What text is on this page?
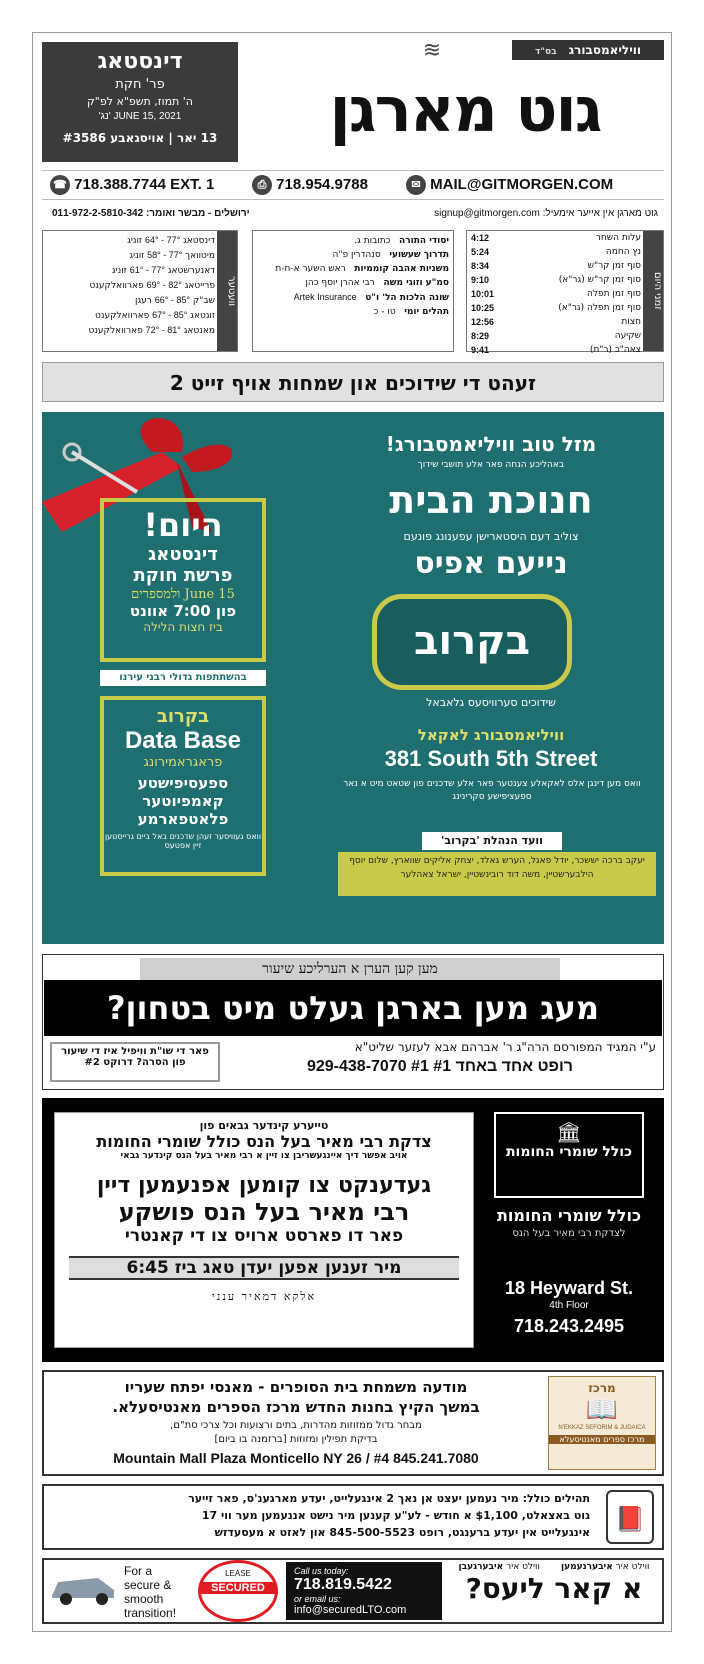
דינסטאג
פר' חקת
ה' תמוז, תשפ"א לפ"ק
JUNE 15, 2021 'נג'
13 יאר | אויסגאבע #3586
וויליאמסבורג בס"ד
גוט מארגן
≋
☎ 718.388.7744 EXT. 1	⎙ 718.954.9788	✉ MAIL@GITMORGEN.COM
011-972-2-5810-342 :ירושלים - מבשר ואומר	signup@gitmorgen.com :גוט מארגן אין אייער אימעיל
וועטער
דינסטאג 77° - 64° זוניג
מיטוואך 77° - 58° זוניג
דאנערשטאג 77° - 61° זוניג
פרייטאג 82° - 69° פארוואלקענט
שב"ק 85° - 66° רעגן
זונטאג 85° - 67° פארוואלקענט
מאנטאג 81° - 72° פארוואלקענט
יסודי התורה   כתובות ג.
תדרוך שעשועי   סנהדרין פ"ה
משניות אהבה קוממיות   ראש השער א-ח-ת
סמ"ע וזוגי משה   רבי אהרן יוסף כהן
שונה הלכות הל' ו"ט   Artek Insurance
תהלים יומי   טו - כ
זמני היום
4:12	עלות השחר
5:24	נץ החמה
8:34	סוף זמן קר"ש
9:10	סוף זמן קר"ש (גר"א)
10:01	סוף זמן תפלה
10:25	סוף זמן תפלה (גר"א)
12:56	חצות
8:29	שקיעה
9:41	צאה"כ (ר"ת)
זעהט די שידוכים און שמחות אויף זייט 2
מזל טוב וויליאמסבורג!
באהליכע הנחה פאר אלע תושבי שידוך
חנוכת הבית
צוליב דעם היסטארישן עפענונג פונעם
נייעם אפיס
בקרוב
שידוכים סערוויסעס גלאבאל
וויליאמסבורג לאקאל
381 South 5th Street
וואס מען דינגן אלס לאקאלע צענטער פאר אלע שדכנים פון שטאט מיט א נאר ספעציפישע סקרינינג
וועד הנהלת 'בקרוב'
יעקב ברכה יששכר, יודל פאגל, הערש גאלד, יצחק אליקים שווארץ, שלום יוסף הילבערשטיין, משה דוד רובינשטיין, ישראל צאהלער
היום!
דינסטאג
פרשת חוקת
June 15 ולמספרים
פון 7:00 אוונט
ביז חצות הלילה
בהשתתפות גדולי רבני עירנו שליט"א
בקרוב
Data Base
פראגראמירונג
ספעסיפישטע
קאמפיוטער
פלאטפארמע
וואס געוויסער זעהן שדכנים באל ביים גרייסטען זיין אפטעס
מען קען הערן א הערליכע שיעור
מעג מען בארגן געלט מיט בטחון?
ע"י המגיד המפורסם הרה"ג ר' אברהם אבא לעזער שליט"א
929-438-7070 #1 רופט אחד באחד #1
פאר די שו"ת וויפיל איז די שיעור פון הסרה? דרוקט #2
טייערע קינדער גבאים פון
צדקת רבי מאיר בעל הנס כולל שומרי החומות
אויב אפשר דיך איינגעשריבן צו זיין א רבי מאיר בעל הנס קינדער גבאי
געדענקט צו קומען אפנעמען דיין
רבי מאיר בעל הנס פושקע
פאר דו פארסט ארויס צו די קאנטרי
מיר זענען אפען יעדן טאג ביז 6:45
אלקא דמאיר ענני
🏛
כולל שומרי החומות
כולל שומרי החומות
לצדקת רבי מאיר בעל הנס
18 Heyward St.
4th Floor
718.243.2495
מודעה משמחת בית הסופרים - מאנסי יפתח שעריו
במשך הקיץ בחנות החדש מרכז הספרים מאנטיסעלא.
מבחר גדול ממזוזות מהדרות, בתים ורצועות וכל צרכי סת"ם,
בדיקת תפילין ומזוזות [ברזמנה בו ביום]
Mountain Mall Plaza Monticello NY 26 / #4 845.241.7080
מרכז
📖
N'EKKAZ SEFORIM & JUDAICA
מרכז ספרים מאנטיסעלא
תהילים כולל: מיר נעמען יעצט אן נאך 2 אינגעלייט, יעדע מארגענ'ס, פאר זייער
גוט באצאלט, $1,100 א חודש - לע"ע קענען מיר נישט אננעמען מער ווי 17
אינגעלייט אין יעדע ברענגט, רופט 845-500-5523 און לאזט א מעסעדזש	📕
For a
secure &
smooth
transition!
LEASE
SECURED
Call us today:
718.819.5422
or email us:
info@securedLTO.com
ווילט איר איבערנעמען
ווילט איר איבערגעבן
א קאר ליעס?
